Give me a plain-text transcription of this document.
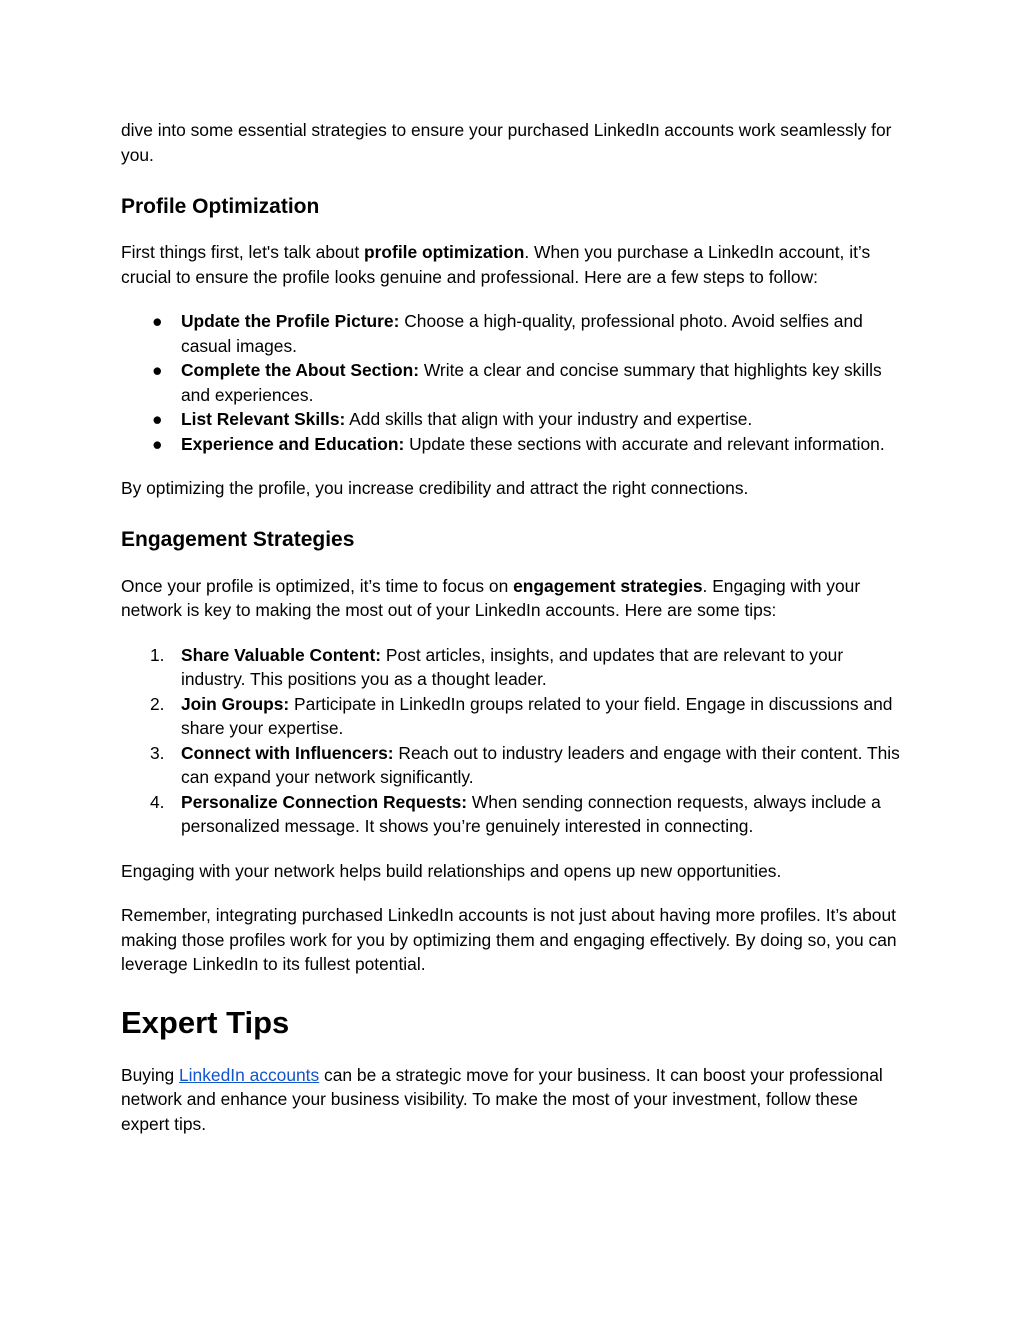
dive into some essential strategies to ensure your purchased LinkedIn accounts work seamlessly for you.

Profile Optimization

First things first, let's talk about profile optimization. When you purchase a LinkedIn account, it’s crucial to ensure the profile looks genuine and professional. Here are a few steps to follow:

● Update the Profile Picture: Choose a high-quality, professional photo. Avoid selfies and casual images.
● Complete the About Section: Write a clear and concise summary that highlights key skills and experiences.
● List Relevant Skills: Add skills that align with your industry and expertise.
● Experience and Education: Update these sections with accurate and relevant information.

By optimizing the profile, you increase credibility and attract the right connections.

Engagement Strategies

Once your profile is optimized, it’s time to focus on engagement strategies. Engaging with your network is key to making the most out of your LinkedIn accounts. Here are some tips:

1. Share Valuable Content: Post articles, insights, and updates that are relevant to your industry. This positions you as a thought leader.
2. Join Groups: Participate in LinkedIn groups related to your field. Engage in discussions and share your expertise.
3. Connect with Influencers: Reach out to industry leaders and engage with their content. This can expand your network significantly.
4. Personalize Connection Requests: When sending connection requests, always include a personalized message. It shows you’re genuinely interested in connecting.

Engaging with your network helps build relationships and opens up new opportunities.

Remember, integrating purchased LinkedIn accounts is not just about having more profiles. It’s about making those profiles work for you by optimizing them and engaging effectively. By doing so, you can leverage LinkedIn to its fullest potential.

Expert Tips

Buying LinkedIn accounts can be a strategic move for your business. It can boost your professional network and enhance your business visibility. To make the most of your investment, follow these expert tips.
